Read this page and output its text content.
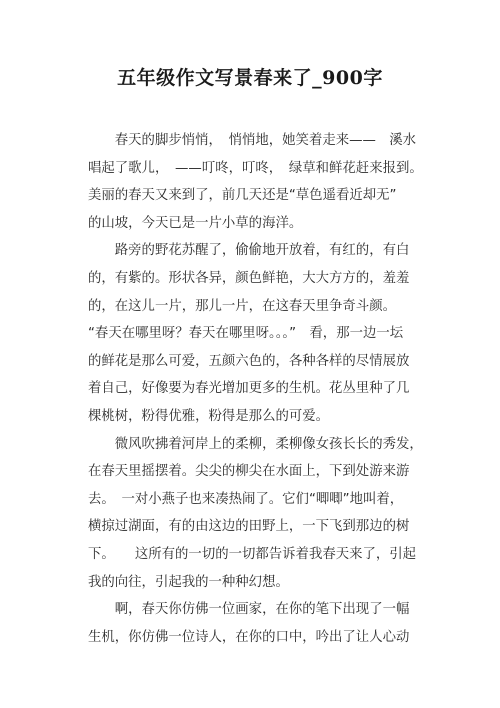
五年级作文写景春来了_900字
　　春天的脚步悄悄，　悄悄地，她笑着走来——　溪水
唱起了歌儿，　——叮咚，叮咚，　绿草和鲜花赶来报到。
美丽的春天又来到了，前几天还是“草色遥看近却无”
的山坡，今天已是一片小草的海洋。
　　路旁的野花苏醒了，偷偷地开放着，有红的，有白
的，有紫的。形状各异，颜色鲜艳，大大方方的，羞羞
的，在这儿一片，那儿一片，在这春天里争奇斗颜。
“春天在哪里呀？春天在哪里呀。。。”　看，那一边一坛
的鲜花是那么可爱，五颜六色的，各种各样的尽情展放
着自己，好像要为春光增加更多的生机。花丛里种了几
棵桃树，粉得优雅，粉得是那么的可爱。
　　微风吹拂着河岸上的柔柳，柔柳像女孩长长的秀发，
在春天里摇摆着。尖尖的柳尖在水面上，下到处游来游
去。　一对小燕子也来凑热闹了。它们“唧唧”地叫着，
横掠过湖面，有的由这边的田野上，一下飞到那边的树
下。　　这所有的一切的一切都告诉着我春天来了，引起
我的向往，引起我的一种种幻想。
　　啊，春天你仿佛一位画家，在你的笔下出现了一幅
生机，你仿佛一位诗人，在你的口中，吟出了让人心动
